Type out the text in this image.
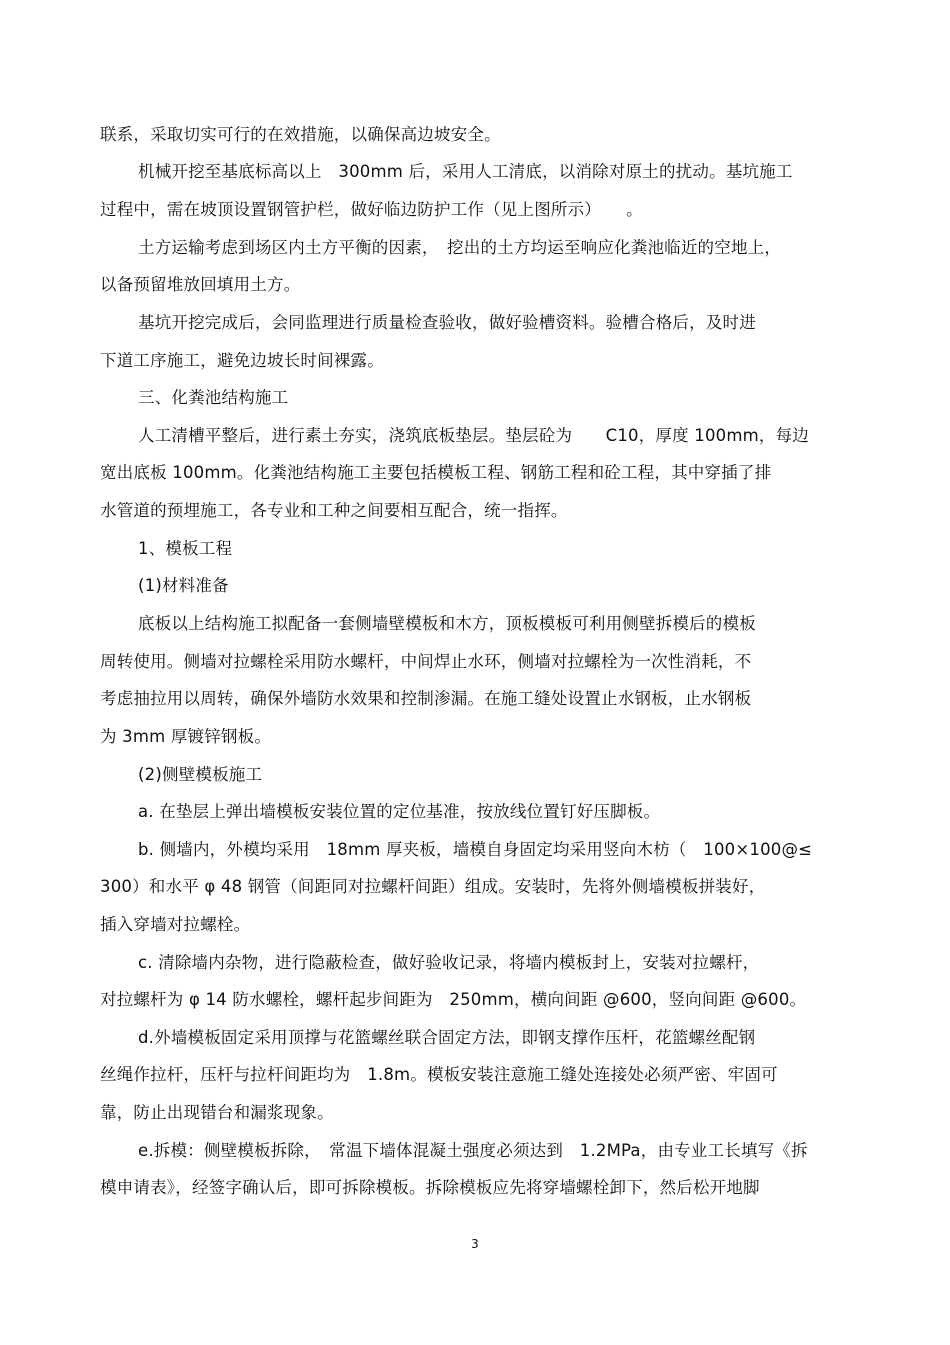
联系，采取切实可行的在效措施，以确保高边坡安全。
机械开挖至基底标高以上　300mm 后，采用人工清底，以消除对原土的扰动。基坑施工
过程中，需在坡顶设置钢管护栏，做好临边防护工作（见上图所示）　　。
土方运输考虑到场区内土方平衡的因素，　挖出的土方均运至响应化粪池临近的空地上，
以备预留堆放回填用土方。
基坑开挖完成后，会同监理进行质量检查验收，做好验槽资料。验槽合格后，及时进
下道工序施工，避免边坡长时间裸露。
三、化粪池结构施工
人工清槽平整后，进行素土夯实，浇筑底板垫层。垫层砼为　　C10，厚度 100mm，每边
宽出底板 100mm。化粪池结构施工主要包括模板工程、钢筋工程和砼工程，其中穿插了排
水管道的预埋施工，各专业和工种之间要相互配合，统一指挥。
1、模板工程
(1)材料准备
底板以上结构施工拟配备一套侧墙壁模板和木方，顶板模板可利用侧壁拆模后的模板
周转使用。侧墙对拉螺栓采用防水螺杆，中间焊止水环，侧墙对拉螺栓为一次性消耗，不
考虑抽拉用以周转，确保外墙防水效果和控制渗漏。在施工缝处设置止水钢板，止水钢板
为 3mm 厚镀锌钢板。
(2)侧壁模板施工
a. 在垫层上弹出墙模板安装位置的定位基准，按放线位置钉好压脚板。
b. 侧墙内，外模均采用　18mm 厚夹板，墙模自身固定均采用竖向木枋（　100×100@≤
300）和水平 φ 48 钢管（间距同对拉螺杆间距）组成。安装时，先将外侧墙模板拼装好，
插入穿墙对拉螺栓。
c. 清除墙内杂物，进行隐蔽检查，做好验收记录，将墙内模板封上，安装对拉螺杆，
对拉螺杆为 φ 14 防水螺栓，螺杆起步间距为　250mm，横向间距 @600，竖向间距 @600。
d.外墙模板固定采用顶撑与花篮螺丝联合固定方法，即钢支撑作压杆，花篮螺丝配钢
丝绳作拉杆，压杆与拉杆间距均为　1.8m。模板安装注意施工缝处连接处必须严密、牢固可
靠，防止出现错台和漏浆现象。
e.拆模：侧壁模板拆除，　常温下墙体混凝土强度必须达到　1.2MPa，由专业工长填写《拆
模申请表》，经签字确认后，即可拆除模板。拆除模板应先将穿墙螺栓卸下，然后松开地脚
3
